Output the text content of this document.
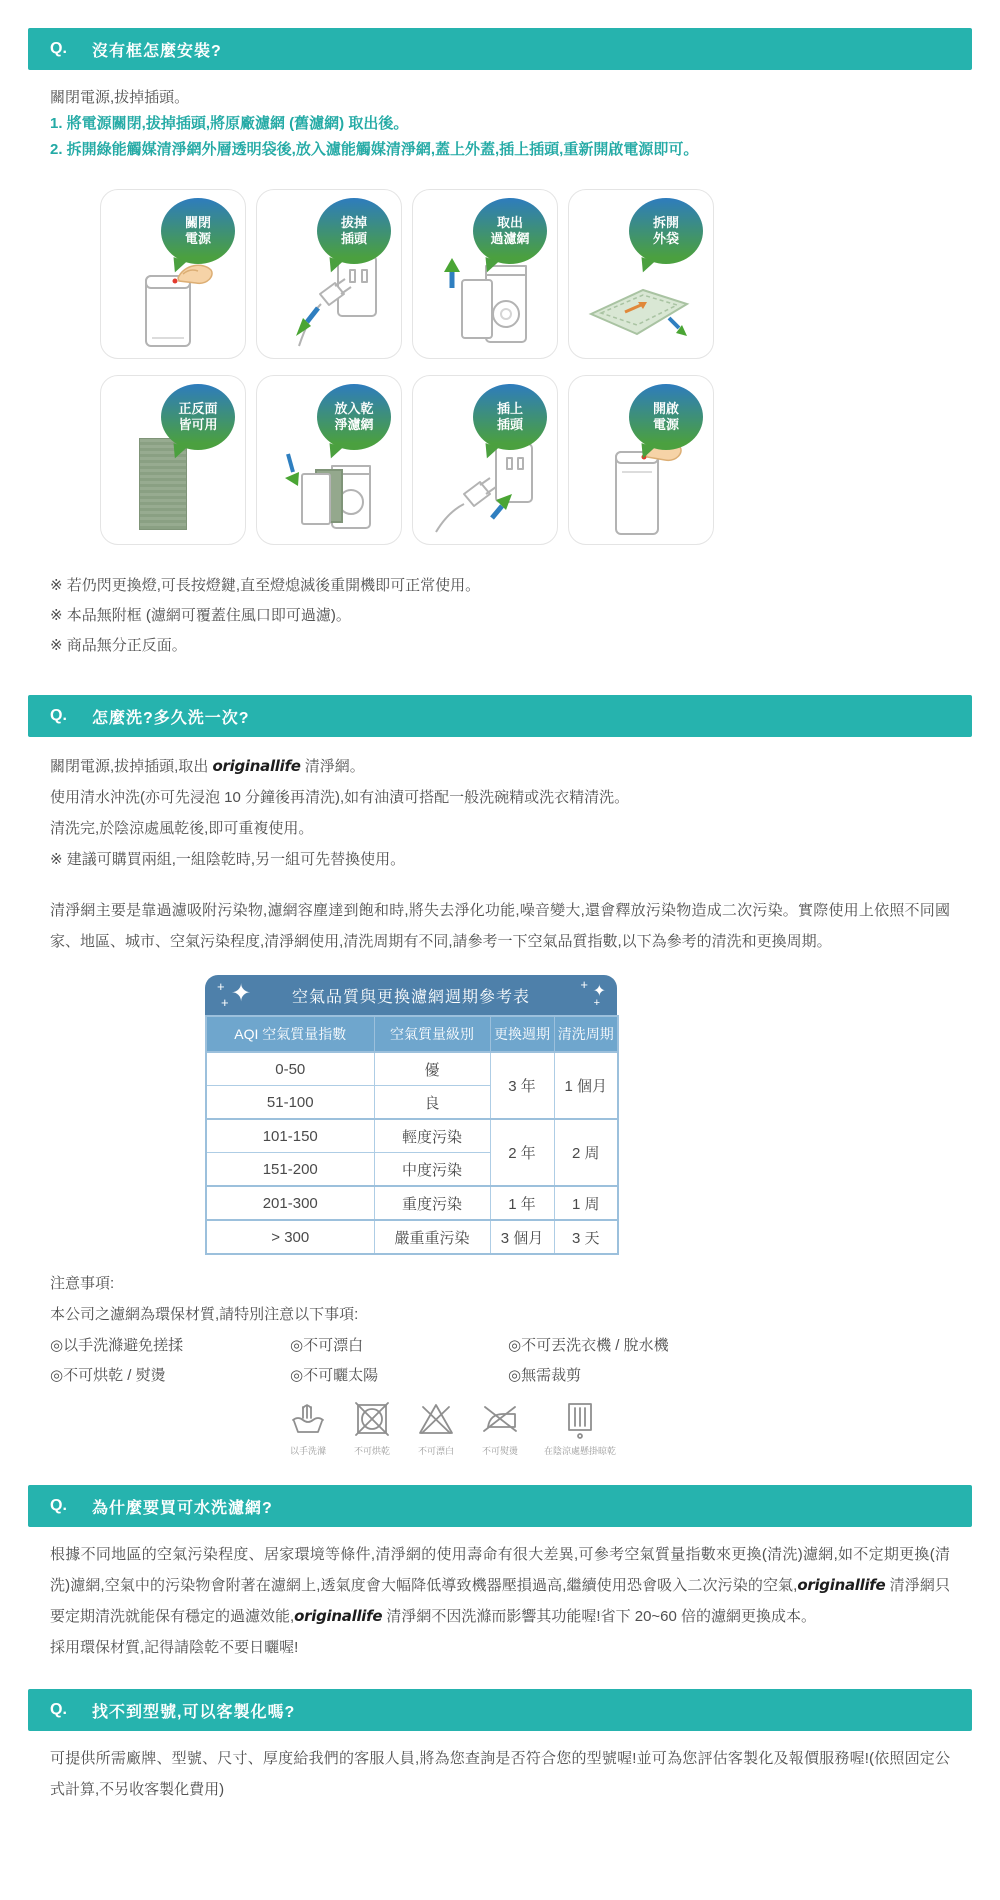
Q.	沒有框怎麼安裝?

關閉電源,拔掉插頭。

1. 將電源關閉,拔掉插頭,將原廠濾網 (舊濾網) 取出後。

2. 拆開綠能觸媒清淨網外層透明袋後,放入濾能觸媒清淨網,蓋上外蓋,插上插頭,重新開啟電源即可。

關閉
電源
拔掉
插頭
取出
過濾網
拆開
外袋
正反面
皆可用
放入乾
淨濾網
插上
插頭
開啟
電源

※ 若仍閃更換燈,可長按燈鍵,直至燈熄滅後重開機即可正常使用。

※ 本品無附框 (濾網可覆蓋住風口即可過濾)。

※ 商品無分正反面。

Q.	怎麼洗?多久洗一次?

關閉電源,拔掉插頭,取出 originallife 清淨網。

使用清水沖洗(亦可先浸泡 10 分鐘後再清洗),如有油漬可搭配一般洗碗精或洗衣精清洗。

清洗完,於陰涼處風乾後,即可重複使用。

※ 建議可購買兩組,一組陰乾時,另一組可先替換使用。

清淨網主要是靠過濾吸附污染物,濾網容塵達到飽和時,將失去淨化功能,噪音變大,還會釋放污染物造成二次污染。實際使用上依照不同國家、地區、城市、空氣污染程度,清淨網使用,清洗周期有不同,請參考一下空氣品質指數,以下為參考的清洗和更換周期。

✦
+
+
+ ✦
+
空氣品質與更換濾網週期參考表
AQI 空氣質量指數	空氣質量級別	更換週期	清洗周期
0-50	優	3 年	1 個月
51-100	良		
101-150	輕度污染	2 年	2 周
151-200	中度污染		
201-300	重度污染	1 年	1 周
> 300	嚴重重污染	3 個月	3 天

注意事項:

本公司之濾網為環保材質,請特別注意以下事項:

◎以手洗滌避免搓揉	◎不可漂白	◎不可丟洗衣機 / 脫水機
◎不可烘乾 / 熨燙	◎不可曬太陽	◎無需裁剪
以手洗滌	不可烘乾	不可漂白	不可熨燙	在陰涼處懸掛晾乾
Q.	為什麼要買可水洗濾網?

根據不同地區的空氣污染程度、居家環境等條件,清淨網的使用壽命有很大差異,可參考空氣質量指數來更換(清洗)濾網,如不定期更換(清洗)濾網,空氣中的污染物會附著在濾網上,透氣度會大幅降低導致機器壓損過高,繼續使用恐會吸入二次污染的空氣,originallife 清淨網只要定期清洗就能保有穩定的過濾效能,originallife 清淨網不因洗滌而影響其功能喔!省下 20~60 倍的濾網更換成本。

採用環保材質,記得請陰乾不要日曬喔!

Q.	找不到型號,可以客製化嗎?

可提供所需廠牌、型號、尺寸、厚度給我們的客服人員,將為您查詢是否符合您的型號喔!並可為您評估客製化及報價服務喔!(依照固定公式計算,不另收客製化費用)
